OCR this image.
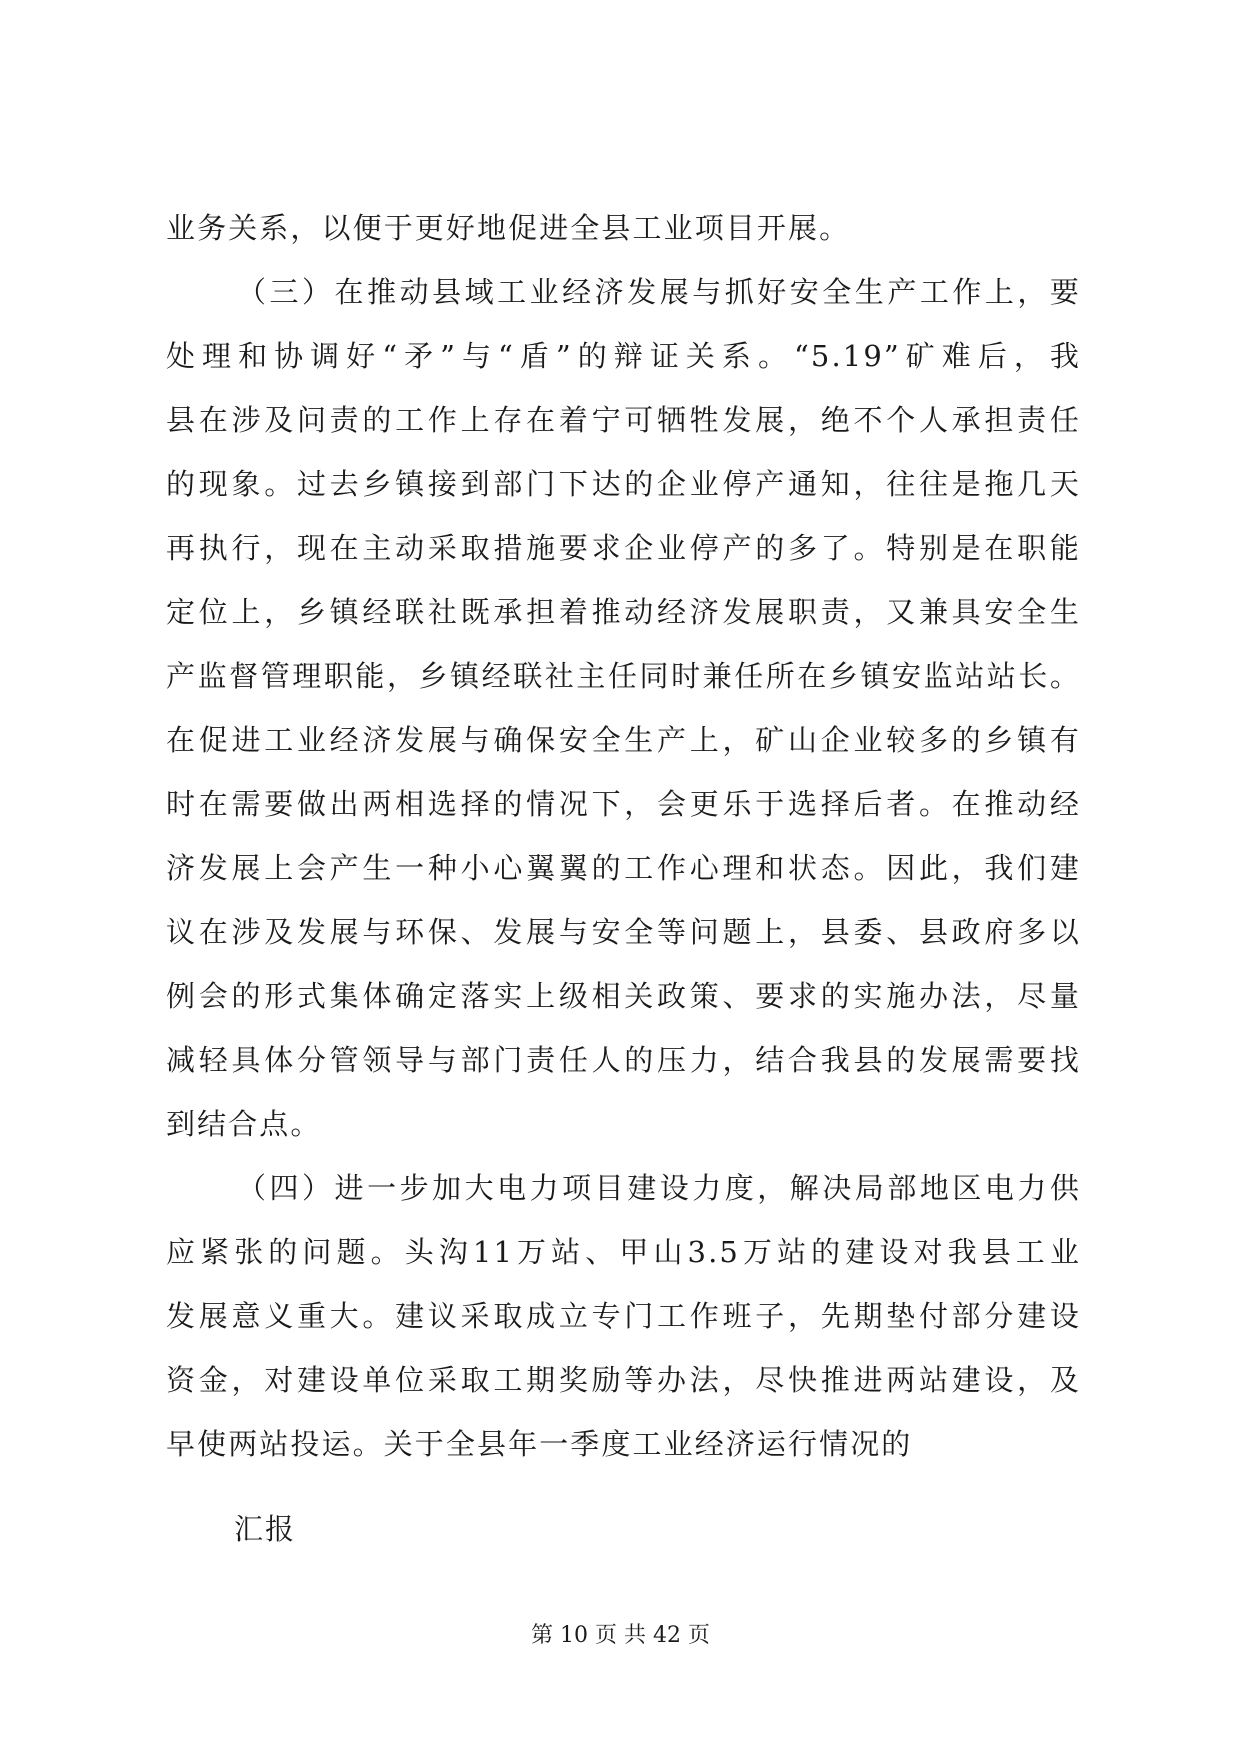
业务关系，以便于更好地促进全县工业项目开展。
（三）在推动县域工业经济发展与抓好安全生产工作上，要
处理和协调好“矛”与“盾”的辩证关系。“5.19”矿难后，我
县在涉及问责的工作上存在着宁可牺牲发展，绝不个人承担责任
的现象。过去乡镇接到部门下达的企业停产通知，往往是拖几天
再执行，现在主动采取措施要求企业停产的多了。特别是在职能
定位上，乡镇经联社既承担着推动经济发展职责，又兼具安全生
产监督管理职能，乡镇经联社主任同时兼任所在乡镇安监站站长。
在促进工业经济发展与确保安全生产上，矿山企业较多的乡镇有
时在需要做出两相选择的情况下，会更乐于选择后者。在推动经
济发展上会产生一种小心翼翼的工作心理和状态。因此，我们建
议在涉及发展与环保、发展与安全等问题上，县委、县政府多以
例会的形式集体确定落实上级相关政策、要求的实施办法，尽量
减轻具体分管领导与部门责任人的压力，结合我县的发展需要找
到结合点。
（四）进一步加大电力项目建设力度，解决局部地区电力供
应紧张的问题。头沟11万站、甲山3.5万站的建设对我县工业
发展意义重大。建议采取成立专门工作班子，先期垫付部分建设
资金，对建设单位采取工期奖励等办法，尽快推进两站建设，及
早使两站投运。关于全县年一季度工业经济运行情况的
汇报
第 10 页 共 42 页
